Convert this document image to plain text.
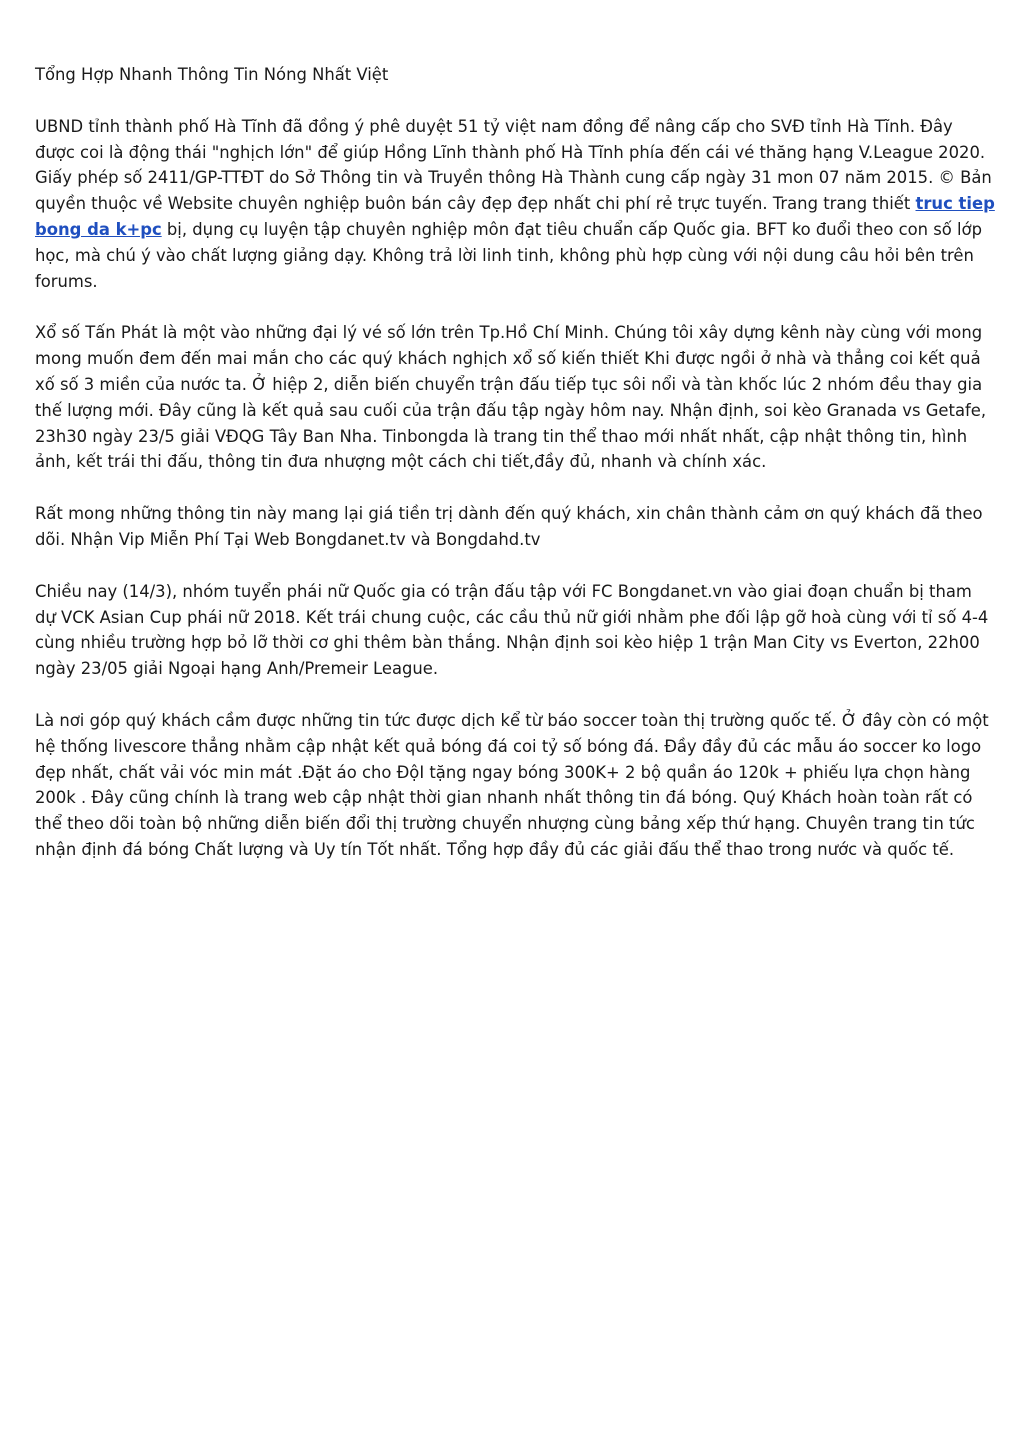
Tổng Hợp Nhanh Thông Tin Nóng Nhất Việt

UBND tỉnh thành phố Hà Tĩnh đã đồng ý phê duyệt 51 tỷ việt nam đồng để nâng cấp cho SVĐ tỉnh Hà Tĩnh. Đây được coi là động thái "nghịch lớn" để giúp Hồng Lĩnh thành phố Hà Tĩnh phía đến cái vé thăng hạng V.League 2020. Giấy phép số 2411/GP-TTĐT do Sở Thông tin và Truyền thông Hà Thành cung cấp ngày 31 mon 07 năm 2015. © Bản quyền thuộc về Website chuyên nghiệp buôn bán cây đẹp đẹp nhất chi phí rẻ trực tuyến. Trang trang thiết truc tiep bong da k+pc bị, dụng cụ luyện tập chuyên nghiệp môn đạt tiêu chuẩn cấp Quốc gia. BFT ko đuổi theo con số lớp học, mà chú ý vào chất lượng giảng dạy. Không trả lời linh tinh, không phù hợp cùng với nội dung câu hỏi bên trên forums.

Xổ số Tấn Phát là một vào những đại lý vé số lớn trên Tp.Hồ Chí Minh. Chúng tôi xây dựng kênh này cùng với mong mong muốn đem đến mai mắn cho các quý khách nghịch xổ số kiến thiết Khi được ngồi ở nhà và thẳng coi kết quả xố số 3 miền của nước ta. Ở hiệp 2, diễn biến chuyển trận đấu tiếp tục sôi nổi và tàn khốc lúc 2 nhóm đều thay gia thế lượng mới. Đây cũng là kết quả sau cuối của trận đấu tập ngày hôm nay. Nhận định, soi kèo Granada vs Getafe, 23h30 ngày 23/5 giải VĐQG Tây Ban Nha. Tinbongda là trang tin thể thao mới nhất nhất, cập nhật thông tin, hình ảnh, kết trái thi đấu, thông tin đưa nhượng một cách chi tiết,đầy đủ, nhanh và chính xác.

Rất mong những thông tin này mang lại giá tiền trị dành đến quý khách, xin chân thành cảm ơn quý khách đã theo dõi. Nhận Vip Miễn Phí Tại Web Bongdanet.tv và Bongdahd.tv

Chiều nay (14/3), nhóm tuyển phái nữ Quốc gia có trận đấu tập với FC Bongdanet.vn vào giai đoạn chuẩn bị tham dự VCK Asian Cup phái nữ 2018. Kết trái chung cuộc, các cầu thủ nữ giới nhằm phe đối lập gỡ hoà cùng với tỉ số 4-4 cùng nhiều trường hợp bỏ lỡ thời cơ ghi thêm bàn thắng. Nhận định soi kèo hiệp 1 trận Man City vs Everton, 22h00 ngày 23/05 giải Ngoại hạng Anh/Premeir League.

Là nơi góp quý khách cầm được những tin tức được dịch kể từ báo soccer toàn thị trường quốc tế. Ở đây còn có một hệ thống livescore thẳng nhằm cập nhật kết quả bóng đá coi tỷ số bóng đá. Đầy đầy đủ các mẫu áo soccer ko logo đẹp nhất, chất vải vóc min mát .Đặt áo cho ĐộI tặng ngay bóng 300K+ 2 bộ quần áo 120k + phiếu lựa chọn hàng 200k . Đây cũng chính là trang web cập nhật thời gian nhanh nhất thông tin đá bóng. Quý Khách hoàn toàn rất có thể theo dõi toàn bộ những diễn biến đổi thị trường chuyển nhượng cùng bảng xếp thứ hạng. Chuyên trang tin tức nhận định đá bóng Chất lượng và Uy tín Tốt nhất. Tổng hợp đầy đủ các giải đấu thể thao trong nước và quốc tế.
